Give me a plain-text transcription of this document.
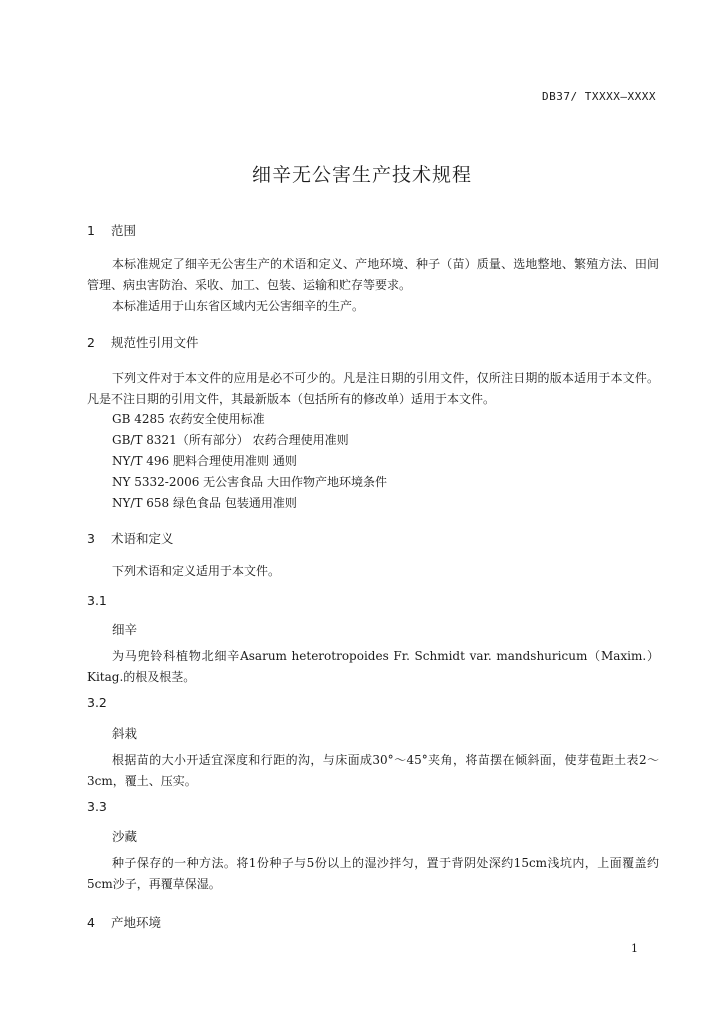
DB37/ TXXXX—XXXX
细辛无公害生产技术规程
1 范围
本标准规定了细辛无公害生产的术语和定义、产地环境、种子（苗）质量、选地整地、繁殖方法、田间管理、病虫害防治、采收、加工、包装、运输和贮存等要求。
本标准适用于山东省区域内无公害细辛的生产。
2 规范性引用文件
下列文件对于本文件的应用是必不可少的。凡是注日期的引用文件，仅所注日期的版本适用于本文件。凡是不注日期的引用文件，其最新版本（包括所有的修改单）适用于本文件。
GB 4285 农药安全使用标准
GB/T 8321（所有部分） 农药合理使用准则
NY/T 496 肥料合理使用准则 通则
NY 5332-2006 无公害食品 大田作物产地环境条件
NY/T 658 绿色食品 包装通用准则
3 术语和定义
下列术语和定义适用于本文件。
3.1
细辛
为马兜铃科植物北细辛Asarum heterotropoides Fr. Schmidt var. mandshuricum（Maxim.）Kitag.的根及根茎。
3.2
斜栽
根据苗的大小开适宜深度和行距的沟，与床面成30°～45°夹角，将苗摆在倾斜面，使芽苞距土表2～3cm，覆土、压实。
3.3
沙藏
种子保存的一种方法。将1份种子与5份以上的湿沙拌匀，置于背阴处深约15cm浅坑内，上面覆盖约5cm沙子，再覆草保湿。
4 产地环境
1
